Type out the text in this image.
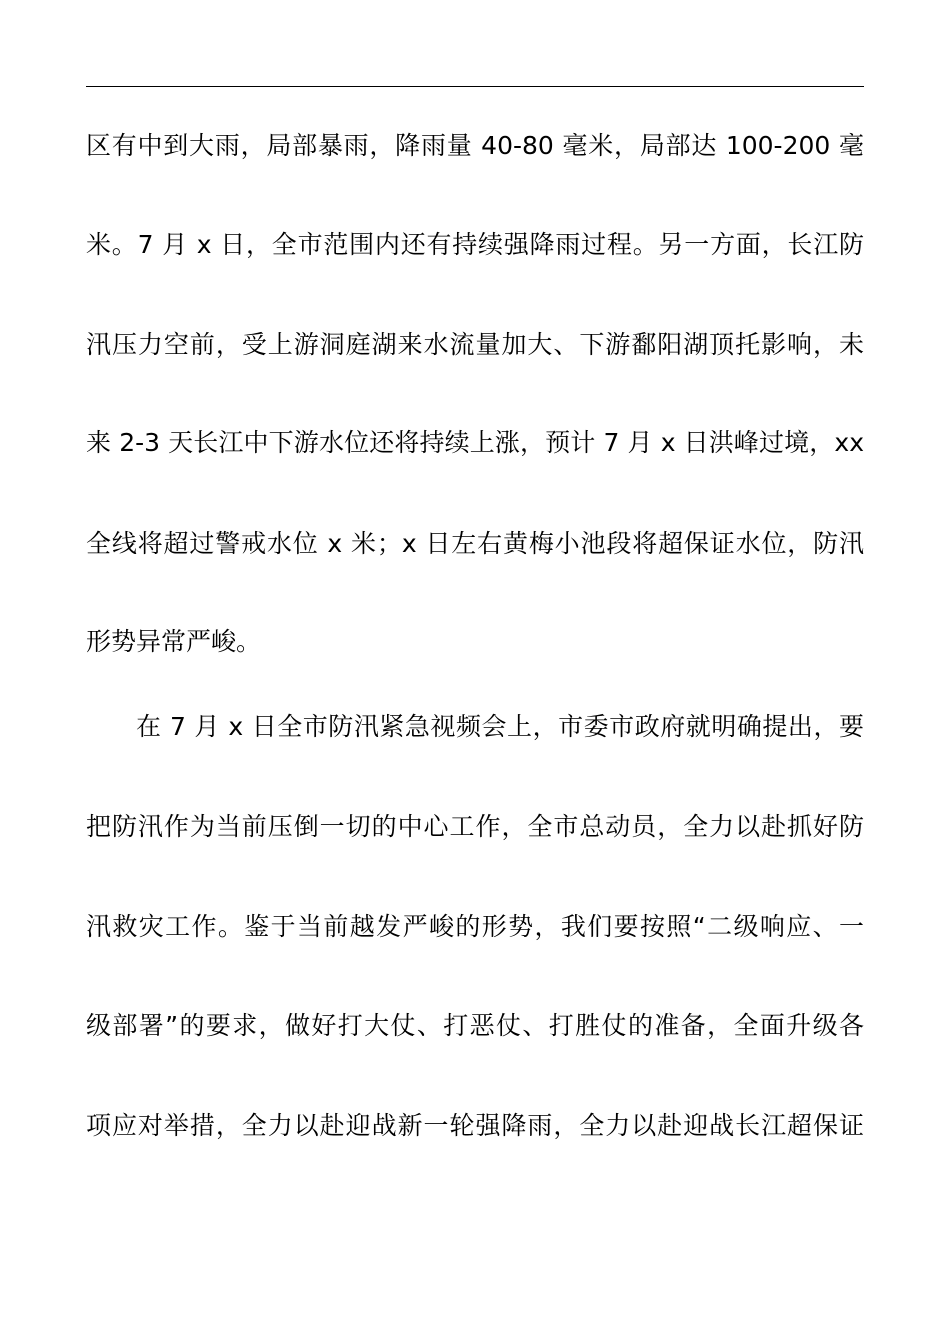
区有中到大雨，局部暴雨，降雨量 40-80 毫米，局部达 100-200 毫
米。7 月 x 日，全市范围内还有持续强降雨过程。另一方面，长江防
汛压力空前，受上游洞庭湖来水流量加大、下游鄱阳湖顶托影响，未
来 2-3 天长江中下游水位还将持续上涨，预计 7 月 x 日洪峰过境，xx
全线将超过警戒水位 x 米；x 日左右黄梅小池段将超保证水位，防汛
形势异常严峻。
在 7 月 x 日全市防汛紧急视频会上，市委市政府就明确提出，要
把防汛作为当前压倒一切的中心工作，全市总动员，全力以赴抓好防
汛救灾工作。鉴于当前越发严峻的形势，我们要按照“二级响应、一
级部署”的要求，做好打大仗、打恶仗、打胜仗的准备，全面升级各
项应对举措，全力以赴迎战新一轮强降雨，全力以赴迎战长江超保证
